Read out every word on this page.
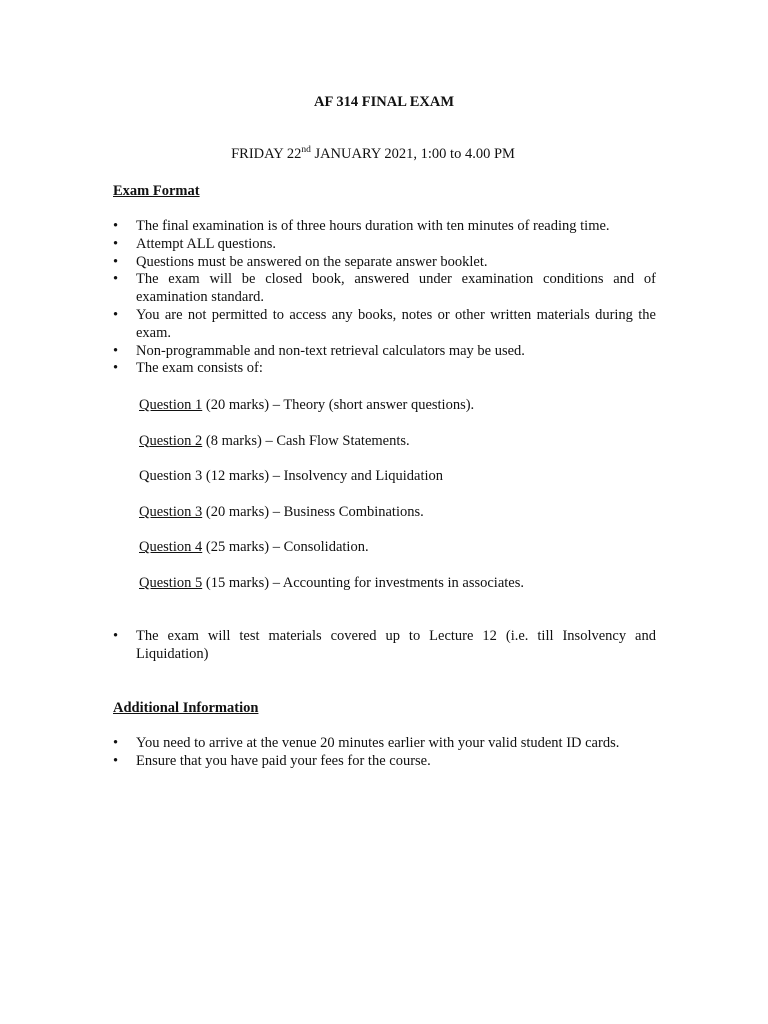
AF 314 FINAL EXAM
FRIDAY 22nd JANUARY 2021, 1:00 to 4.00 PM
Exam Format
• The final examination is of three hours duration with ten minutes of reading time.
• Attempt ALL questions.
• Questions must be answered on the separate answer booklet.
• The exam will be closed book, answered under examination conditions and of examination standard.
• You are not permitted to access any books, notes or other written materials during the exam.
• Non-programmable and non-text retrieval calculators may be used.
• The exam consists of:
Question 1 (20 marks) – Theory (short answer questions).
Question 2 (8 marks) – Cash Flow Statements.
Question 3 (12 marks) – Insolvency and Liquidation
Question 3 (20 marks) – Business Combinations.
Question 4 (25 marks) – Consolidation.
Question 5 (15 marks) – Accounting for investments in associates.
• The exam will test materials covered up to Lecture 12 (i.e. till Insolvency and Liquidation)
Additional Information
• You need to arrive at the venue 20 minutes earlier with your valid student ID cards.
• Ensure that you have paid your fees for the course.
